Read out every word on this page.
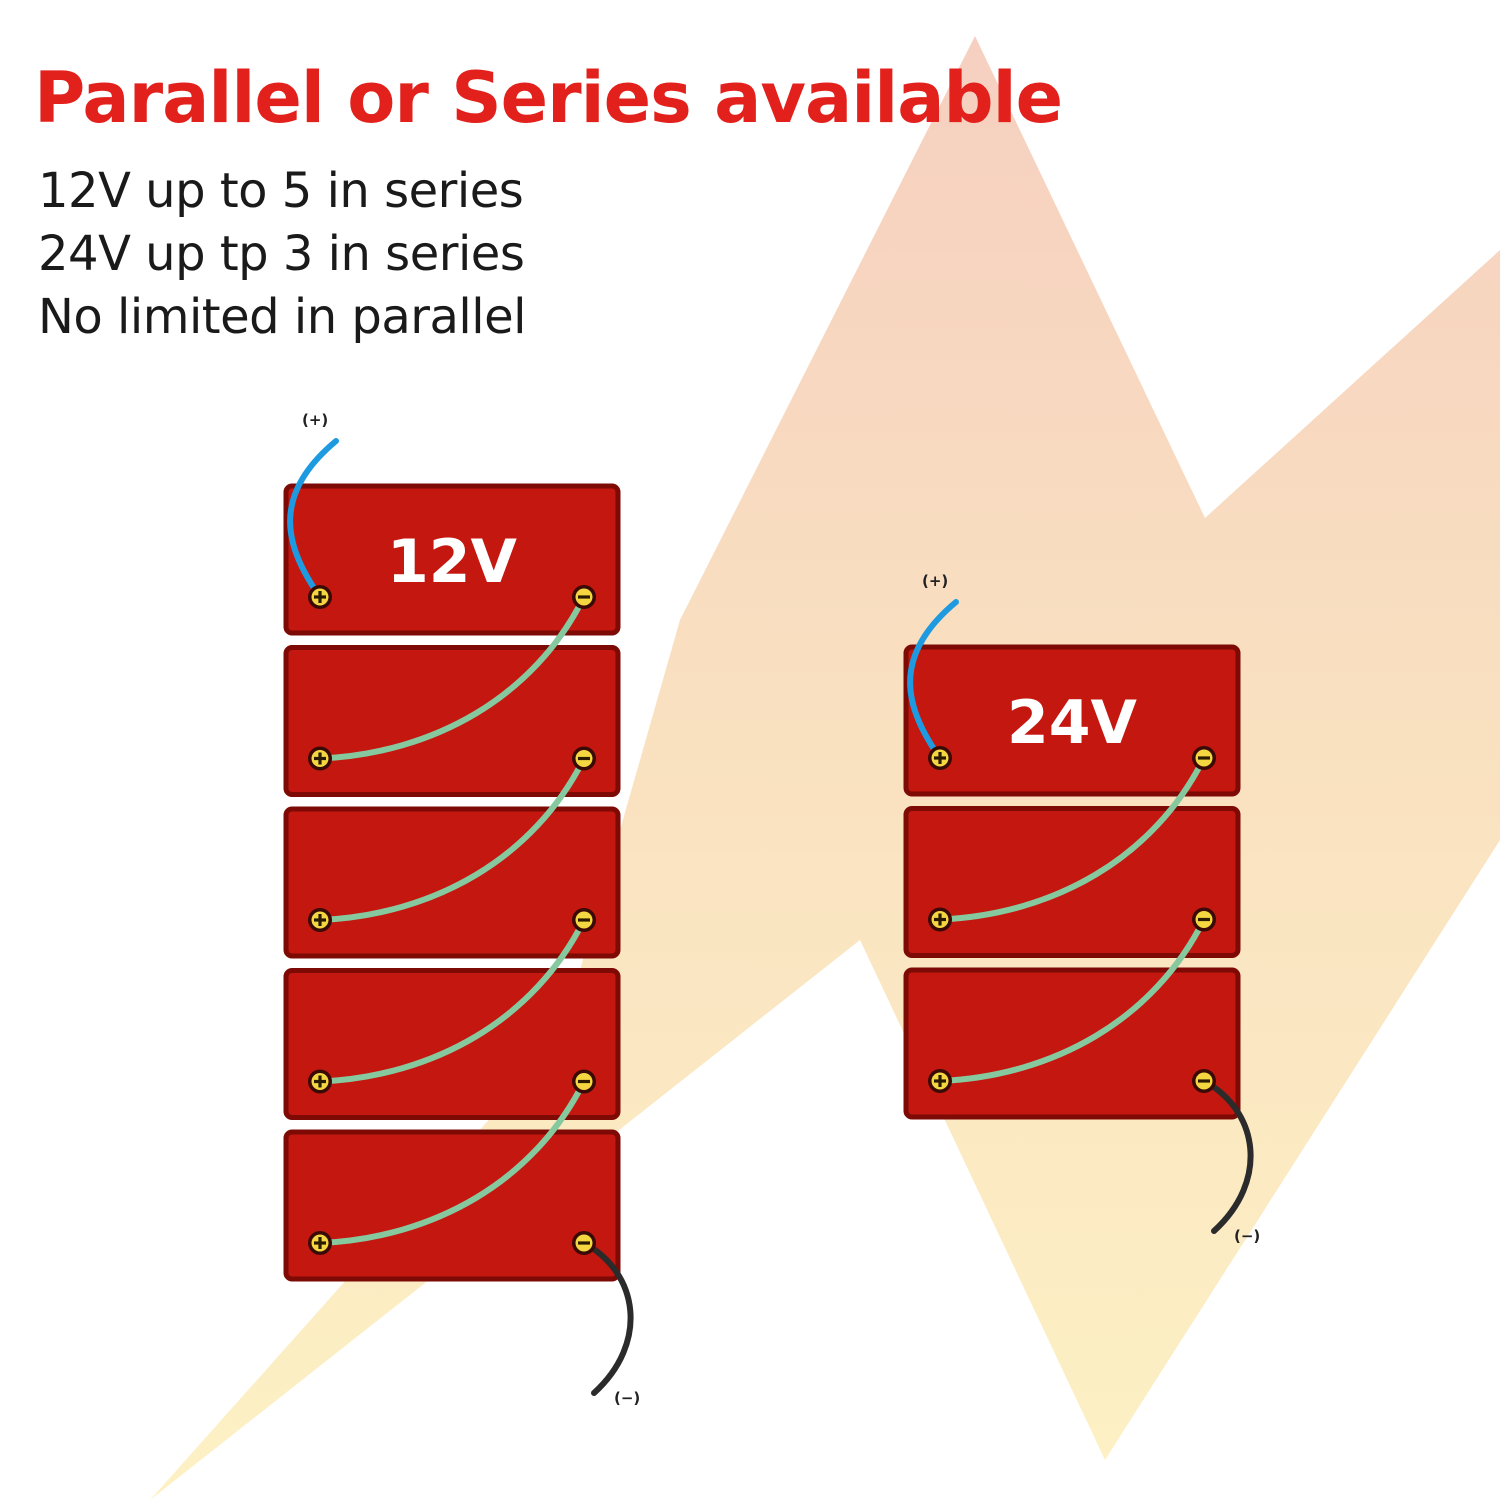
Parallel or Series available
12V up to 5 in series
24V up tp 3 in series
No limited in parallel
12V
(+)
(−)
24V
(+)
(−)
